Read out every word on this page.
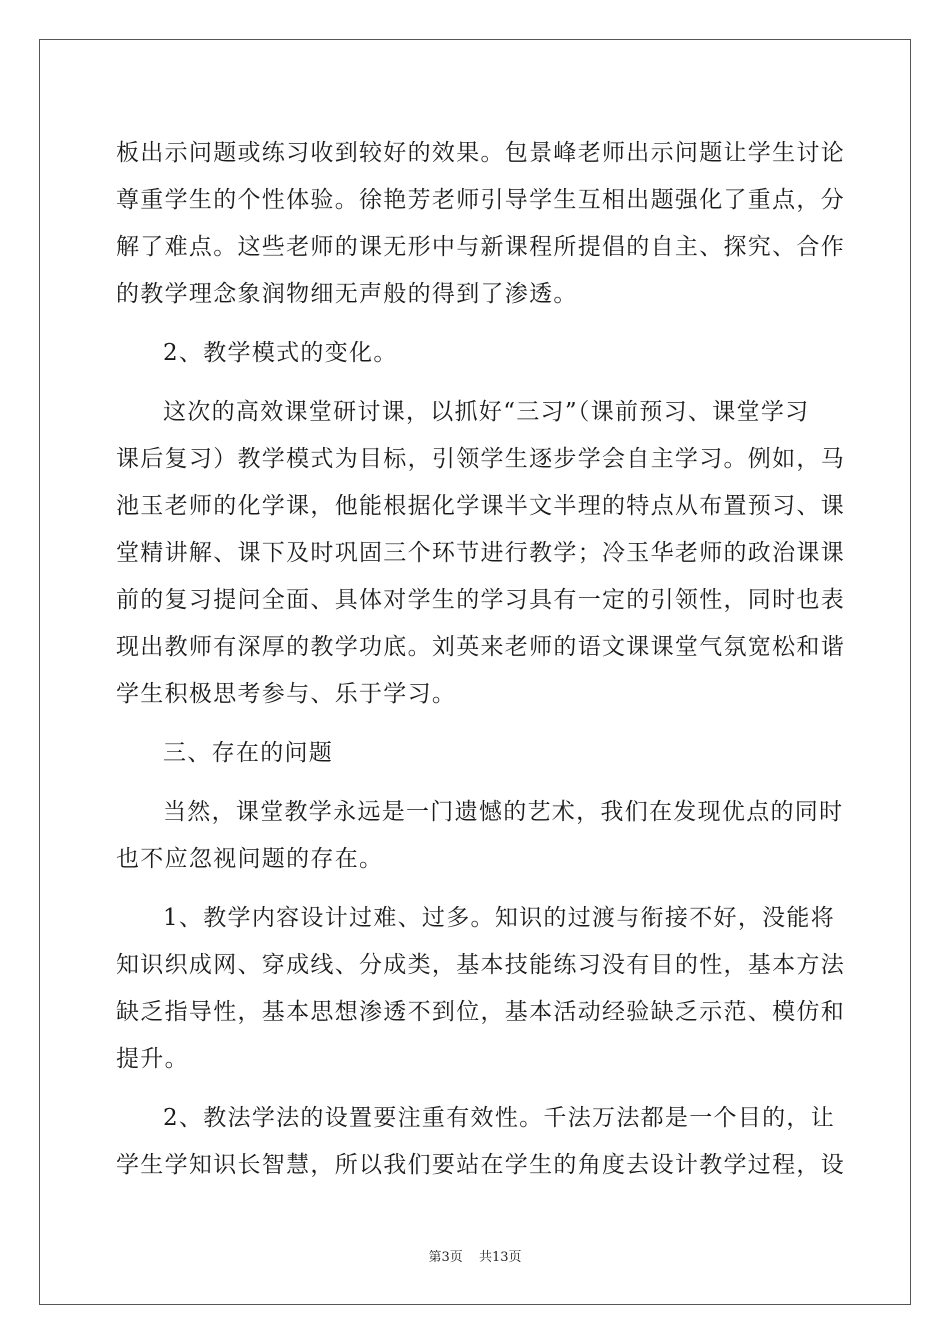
板出示问题或练习收到较好的效果。包景峰老师出示问题让学生讨论
尊重学生的个性体验。徐艳芳老师引导学生互相出题强化了重点，分
解了难点。这些老师的课无形中与新课程所提倡的自主、探究、合作
的教学理念象润物细无声般的得到了渗透。
2、教学模式的变化。
这次的高效课堂研讨课，以抓好“三习”（课前预习、课堂学习
课后复习）教学模式为目标，引领学生逐步学会自主学习。例如，马
池玉老师的化学课，他能根据化学课半文半理的特点从布置预习、课
堂精讲解、课下及时巩固三个环节进行教学；冷玉华老师的政治课课
前的复习提问全面、具体对学生的学习具有一定的引领性，同时也表
现出教师有深厚的教学功底。刘英来老师的语文课课堂气氛宽松和谐
学生积极思考参与、乐于学习。
三、存在的问题
当然，课堂教学永远是一门遗憾的艺术，我们在发现优点的同时
也不应忽视问题的存在。
1、教学内容设计过难、过多。知识的过渡与衔接不好，没能将
知识织成网、穿成线、分成类，基本技能练习没有目的性，基本方法
缺乏指导性，基本思想渗透不到位，基本活动经验缺乏示范、模仿和
提升。
2、教法学法的设置要注重有效性。千法万法都是一个目的，让
学生学知识长智慧，所以我们要站在学生的角度去设计教学过程，设
第3页 共13页
